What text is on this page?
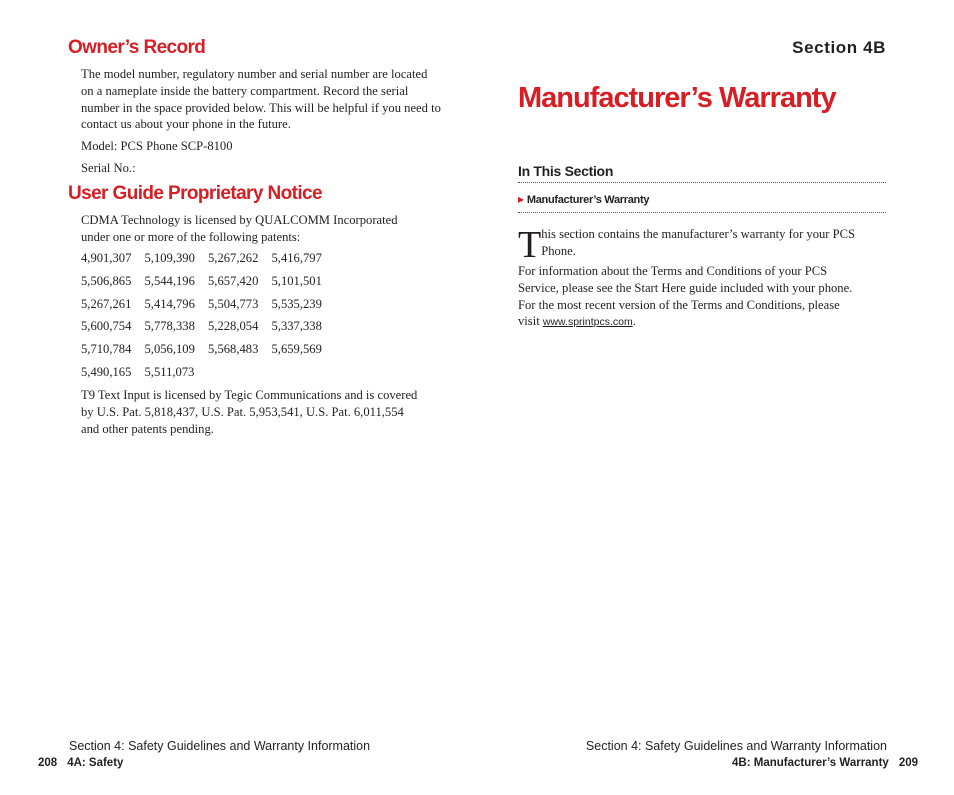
Owner’s Record

The model number, regulatory number and serial number are located on a nameplate inside the battery compartment. Record the serial number in the space provided below. This will be helpful if you need to contact us about your phone in the future.

Model: PCS Phone SCP-8100

Serial No.:

User Guide Proprietary Notice

CDMA Technology is licensed by QUALCOMM Incorporated under one or more of the following patents:

4,901,307 5,109,390 5,267,262 5,416,797
5,506,865 5,544,196 5,657,420 5,101,501
5,267,261 5,414,796 5,504,773 5,535,239
5,600,754 5,778,338 5,228,054 5,337,338
5,710,784 5,056,109 5,568,483 5,659,569
5,490,165 5,511,073

T9 Text Input is licensed by Tegic Communications and is covered by U.S. Pat. 5,818,437, U.S. Pat. 5,953,541, U.S. Pat. 6,011,554 and other patents pending.

Section 4: Safety Guidelines and Warranty Information

208 4A: Safety

Section 4B

Manufacturer’s Warranty
In This Section
▶ Manufacturer’s Warranty

This section contains the manufacturer’s warranty for your PCS Phone.

For information about the Terms and Conditions of your PCS Service, please see the Start Here guide included with your phone. For the most recent version of the Terms and Conditions, please visit www.sprintpcs.com.

Section 4: Safety Guidelines and Warranty Information

4B: Manufacturer’s Warranty 209
